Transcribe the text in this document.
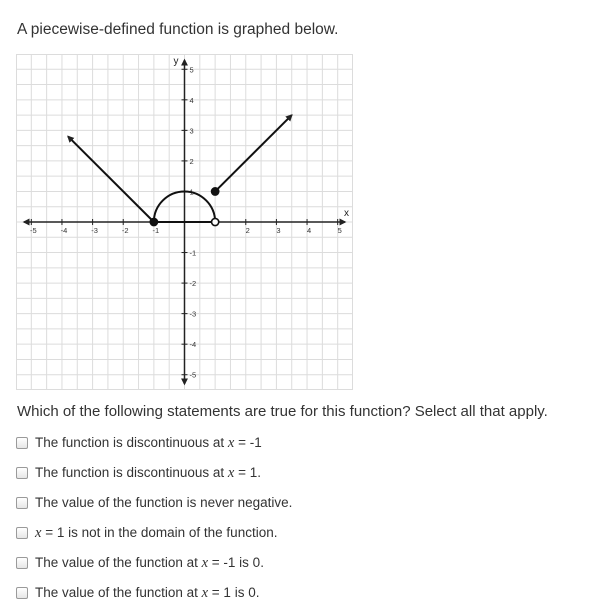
A piecewise-defined function is graphed below.
-5	-4	-3	-2	-1	2	3	4	5
5
4
3
2
1
-1
-2
-3
-4
-5
x
y
Which of the following statements are true for this function? Select all that apply.
The function is discontinuous at x = -1
The function is discontinuous at x = 1.
The value of the function is never negative.
x = 1 is not in the domain of the function.
The value of the function at x = -1 is 0.
The value of the function at x = 1 is 0.
